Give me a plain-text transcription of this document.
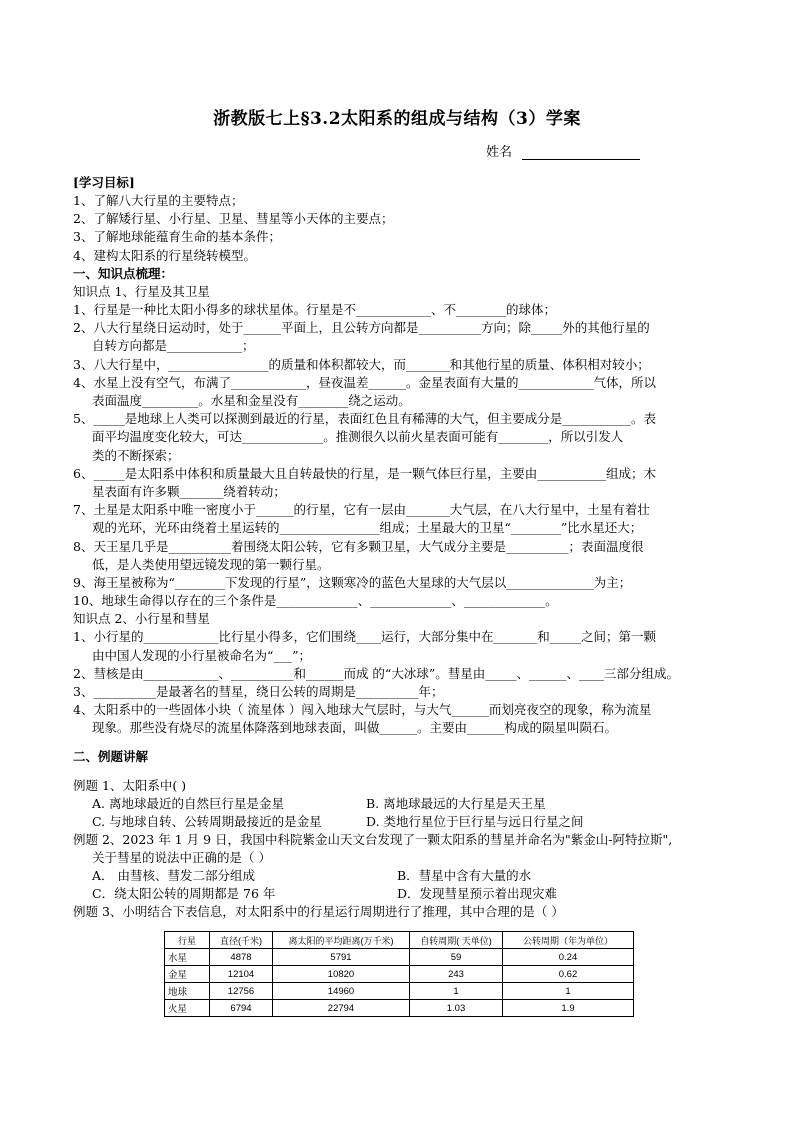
浙教版七上§3.2太阳系的组成与结构（3）学案
姓名
[学习目标]
1、了解八大行星的主要特点；
2、了解矮行星、小行星、卫星、彗星等小天体的主要点；
3、了解地球能蕴育生命的基本条件；
4、建构太阳系的行星绕转模型。
一、知识点梳理：
知识点 1、行星及其卫星
1、行星是一种比太阳小得多的球状星体。行星是不____________、不________的球体；
2、八大行星绕日运动时，处于______平面上，且公转方向都是__________方向；除_____外的其他行星的
自转方向都是____________；
3、八大行星中，________________的质量和体积都较大，而_______和其他行星的质量、体积相对较小；
4、水星上没有空气，布满了____________，昼夜温差______。金星表面有大量的____________气体，所以
表面温度_________。水星和金星没有________绕之运动。
5、_____是地球上人类可以探测到最近的行星，表面红色且有稀薄的大气，但主要成分是___________。表
面平均温度变化较大，可达_____________。推测很久以前火星表面可能有________，所以引发人
类的不断探索；
6、_____是太阳系中体积和质量最大且自转最快的行星，是一颗气体巨行星，主要由___________组成；木
星表面有许多颗_______绕着转动；
7、土星是太阳系中唯一密度小于______的行星，它有一层由_______大气层，在八大行星中，土星有着壮
观的光环，光环由绕着土星运转的________________组成；土星最大的卫星“________”比水星还大；
8、天王星几乎是__________着围绕太阳公转，它有多颗卫星，大气成分主要是__________；表面温度很
低，是人类使用望远镜发现的第一颗行星。
9、海王星被称为“________下发现的行星”，这颗寒冷的蓝色大星球的大气层以______________为主；
10、地球生命得以存在的三个条件是_____________、_____________、_____________。
知识点 2、小行星和彗星
1、小行星的____________比行星小得多，它们围绕____运行，大部分集中在_______和_____之间；第一颗
由中国人发现的小行星被命名为“___”；
2、彗核是由____________、__________和______而成 的“大冰球”。彗星由_____、______、____三部分组成。
3、__________是最著名的彗星，绕日公转的周期是__________年；
4、太阳系中的一些固体小块（ 流星体 ）闯入地球大气层时，与大气______而划亮夜空的现象，称为流星
现象。那些没有烧尽的流星体降落到地球表面，叫做______。主要由______构成的陨星叫陨石。
二、例题讲解
例题 1、太阳系中( )
A. 离地球最近的自然巨行星是金星	B. 离地球最远的大行星是天王星
C. 与地球自转、公转周期最接近的是金星	D. 类地行星位于巨行星与远日行星之间
例题 2、2023 年 1 月 9 日，我国中科院紫金山天文台发现了一颗太阳系的彗星并命名为"紫金山-阿特拉斯",
关于彗星的说法中正确的是（ ）
A． 由彗核、彗发二部分组成	B．彗星中含有大量的水
C．绕太阳公转的周期都是 76 年	D．发现彗星预示着出现灾难
例题 3、小明结合下表信息，对太阳系中的行星运行周期进行了推理，其中合理的是（ ）
行星	直径(千米)	离太阳的平均距离(万千米)	自转周期( 天单位)	公转周期（年为单位）
水星	4878	5791	59	0.24
金星	12104	10820	243	0.62
地球	12756	14960	1	1
火星	6794	22794	1.03	1.9
